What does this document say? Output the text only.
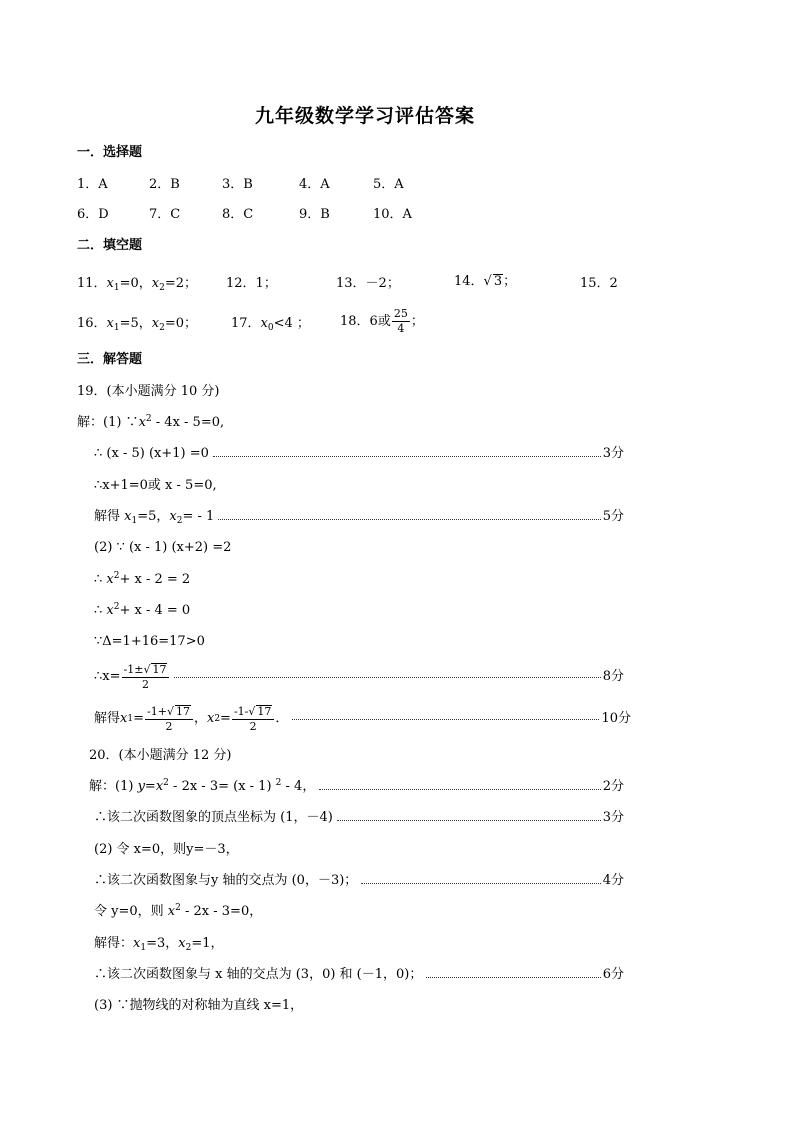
九年级数学学习评估答案
一．选择题
1．A	2．B	3．B	4．A	5．A
6．D	7．C	8．C	9．B	10．A
二．填空题
11．$x_1=0$，$x_2=2$； 12．1；	13．－2；	14．√ 3；	15．2
16．$x_1=5$，$x_2=0$；	17．$x_0<4$ ； 18．6或 $\frac{25}{4}$ ；
三．解答题
19．(本小题满分 10 分)
解：(1) $\because x^2 - 4x - 5=0$,
∴ (x - 5) (x+1) =0	3分
∴x+1=0或 x - 5=0,
解得 $x_1=5$，$x_2= - 1$	5分
(2) ∵ (x - 1) (x+2) =2
∴ $x^2+ x - 2 = 2$
∴ $x^2+ x - 4 = 0$
∵Δ=1+16=17>0
∴x= $\frac{-1\pm√ 17}{2}$	8分
解得 x $1 = \frac{-1+√ 17}{2}$ ， x $2 = \frac{-1-√ 17}{2}$ ．	10分
20．(本小题满分 12 分)
解：(1) $y=x^2 - 2x - 3= (x - 1)$ $^2$ - 4，	2分
∴该二次函数图象的顶点坐标为 (1，－4)	3分
(2) 令 x=0，则y=－3，
∴该二次函数图象与y 轴的交点为 (0，－3)；	4分
令 y=0，则 $x^2 - 2x - 3=0$，
解得：$x_1=3$，$x_2=1$，
∴该二次函数图象与 x 轴的交点为 (3，0) 和 (－1，0)；	6分
(3) ∵抛物线的对称轴为直线 x=1，
